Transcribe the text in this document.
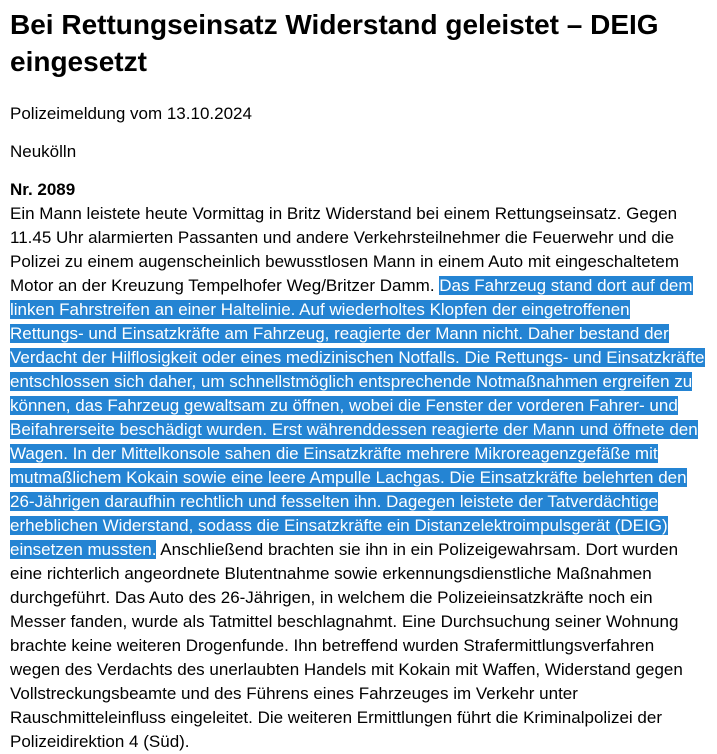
Bei Rettungseinsatz Widerstand geleistet – DEIG
eingesetzt

Polizeimeldung vom 13.10.2024

Neukölln

Nr. 2089

Ein Mann leistete heute Vormittag in Britz Widerstand bei einem Rettungseinsatz. Gegen 11.45 Uhr alarmierten Passanten und andere Verkehrsteilnehmer die Feuerwehr und die Polizei zu einem augenscheinlich bewusstlosen Mann in einem Auto mit eingeschaltetem Motor an der Kreuzung Tempelhofer Weg/Britzer Damm. Das Fahrzeug stand dort auf dem linken Fahrstreifen an einer Haltelinie. Auf wiederholtes Klopfen der eingetroffenen Rettungs- und Einsatzkräfte am Fahrzeug, reagierte der Mann nicht. Daher bestand der Verdacht der Hilflosigkeit oder eines medizinischen Notfalls. Die Rettungs- und Einsatzkräfte entschlossen sich daher, um schnellstmöglich entsprechende Notmaßnahmen ergreifen zu können, das Fahrzeug gewaltsam zu öffnen, wobei die Fenster der vorderen Fahrer- und Beifahrerseite beschädigt wurden. Erst währenddessen reagierte der Mann und öffnete den Wagen. In der Mittelkonsole sahen die Einsatzkräfte mehrere Mikroreagenzgefäße mit mutmaßlichem Kokain sowie eine leere Ampulle Lachgas. Die Einsatzkräfte belehrten den 26-Jährigen daraufhin rechtlich und fesselten ihn. Dagegen leistete der Tatverdächtige erheblichen Widerstand, sodass die Einsatzkräfte ein Distanzelektroimpulsgerät (DEIG) einsetzen mussten. Anschließend brachten sie ihn in ein Polizeigewahrsam. Dort wurden eine richterlich angeordnete Blutentnahme sowie erkennungsdienstliche Maßnahmen durchgeführt. Das Auto des 26-Jährigen, in welchem die Polizeieinsatzkräfte noch ein Messer fanden, wurde als Tatmittel beschlagnahmt. Eine Durchsuchung seiner Wohnung brachte keine weiteren Drogenfunde. Ihn betreffend wurden Strafermittlungsverfahren wegen des Verdachts des unerlaubten Handels mit Kokain mit Waffen, Widerstand gegen Vollstreckungsbeamte und des Führens eines Fahrzeuges im Verkehr unter Rauschmitteleinfluss eingeleitet. Die weiteren Ermittlungen führt die Kriminalpolizei der Polizeidirektion 4 (Süd).
